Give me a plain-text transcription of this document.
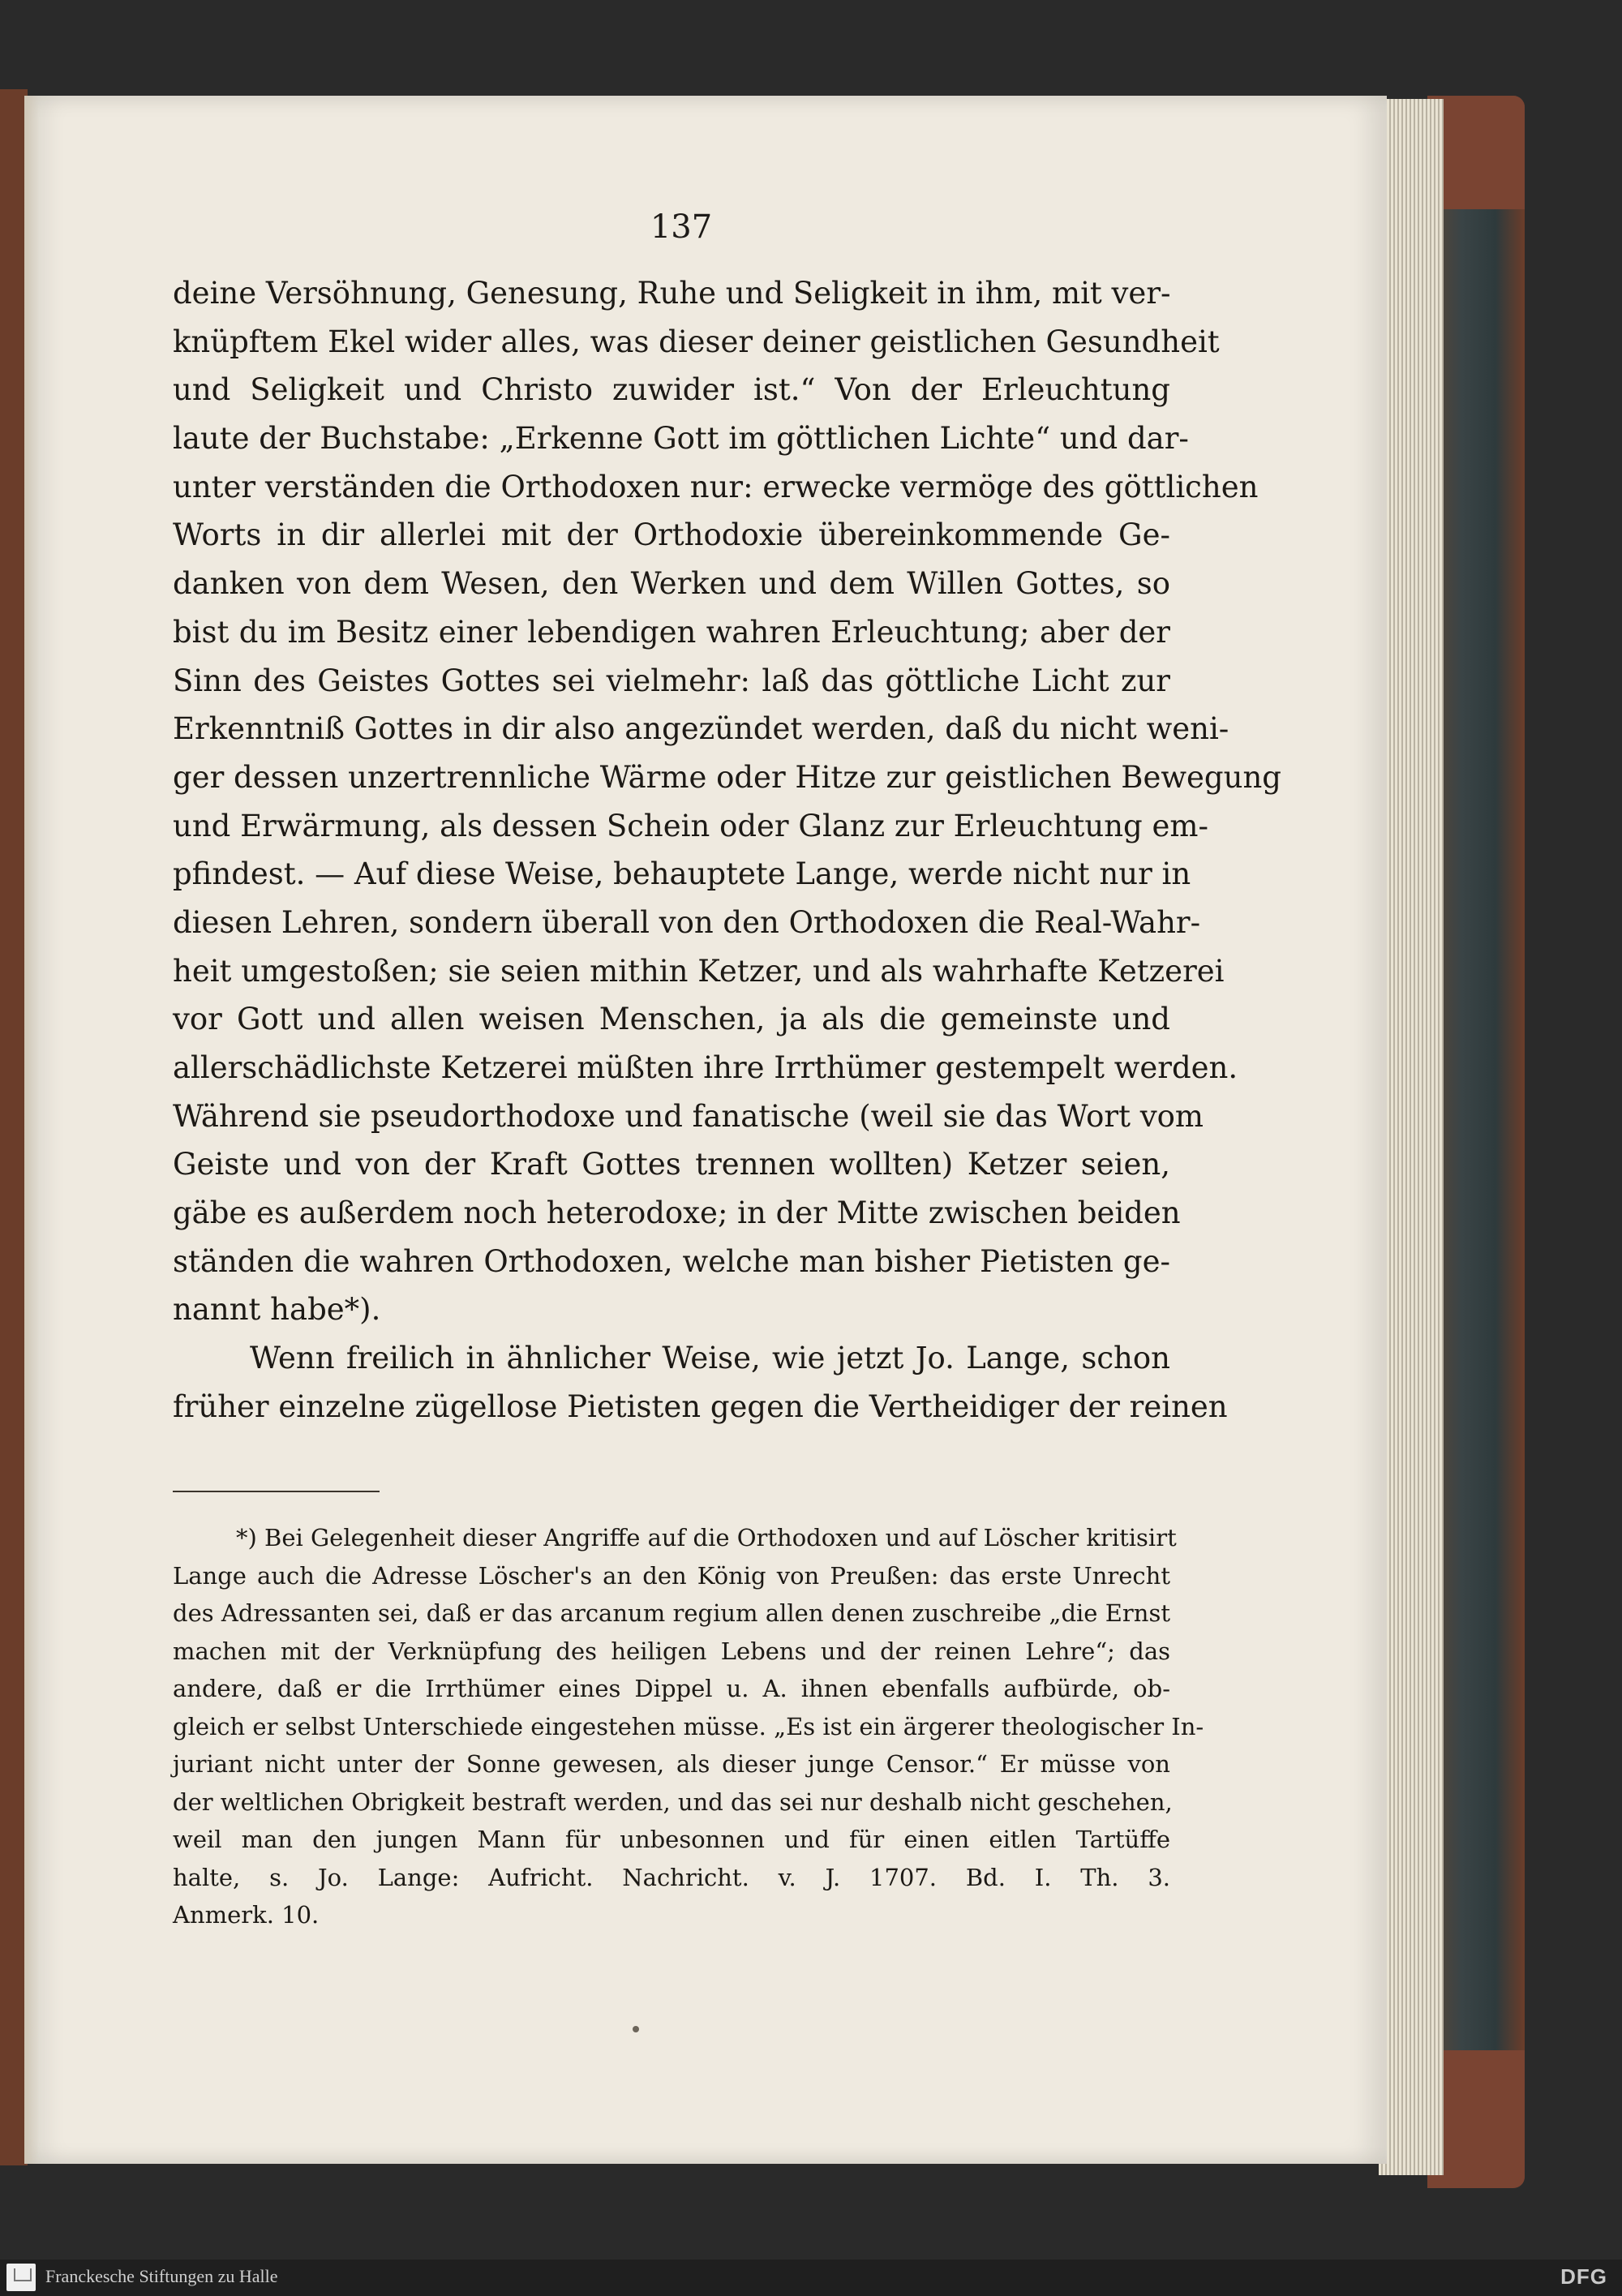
137
deine Versöhnung, Genesung, Ruhe und Seligkeit in ihm, mit ver-
knüpftem Ekel wider alles, was dieser deiner geistlichen Gesundheit
und Seligkeit und Christo zuwider ist.“ Von der Erleuchtung
laute der Buchstabe: „Erkenne Gott im göttlichen Lichte“ und dar-
unter verständen die Orthodoxen nur: erwecke vermöge des göttlichen
Worts in dir allerlei mit der Orthodoxie übereinkommende Ge-
danken von dem Wesen, den Werken und dem Willen Gottes, so
bist du im Besitz einer lebendigen wahren Erleuchtung; aber der
Sinn des Geistes Gottes sei vielmehr: laß das göttliche Licht zur
Erkenntniß Gottes in dir also angezündet werden, daß du nicht weni-
ger dessen unzertrennliche Wärme oder Hitze zur geistlichen Bewegung
und Erwärmung, als dessen Schein oder Glanz zur Erleuchtung em-
pfindest. — Auf diese Weise, behauptete Lange, werde nicht nur in
diesen Lehren, sondern überall von den Orthodoxen die Real-Wahr-
heit umgestoßen; sie seien mithin Ketzer, und als wahrhafte Ketzerei
vor Gott und allen weisen Menschen, ja als die gemeinste und
allerschädlichste Ketzerei müßten ihre Irrthümer gestempelt werden.
Während sie pseudorthodoxe und fanatische (weil sie das Wort vom
Geiste und von der Kraft Gottes trennen wollten) Ketzer seien,
gäbe es außerdem noch heterodoxe; in der Mitte zwischen beiden
ständen die wahren Orthodoxen, welche man bisher Pietisten ge-
nannt habe*).
Wenn freilich in ähnlicher Weise, wie jetzt Jo. Lange, schon
früher einzelne zügellose Pietisten gegen die Vertheidiger der reinen
*) Bei Gelegenheit dieser Angriffe auf die Orthodoxen und auf Löscher kritisirt
Lange auch die Adresse Löscher's an den König von Preußen: das erste Unrecht
des Adressanten sei, daß er das arcanum regium allen denen zuschreibe „die Ernst
machen mit der Verknüpfung des heiligen Lebens und der reinen Lehre“; das
andere, daß er die Irrthümer eines Dippel u. A. ihnen ebenfalls aufbürde, ob-
gleich er selbst Unterschiede eingestehen müsse. „Es ist ein ärgerer theologischer In-
juriant nicht unter der Sonne gewesen, als dieser junge Censor.“ Er müsse von
der weltlichen Obrigkeit bestraft werden, und das sei nur deshalb nicht geschehen,
weil man den jungen Mann für unbesonnen und für einen eitlen Tartüffe
halte, s. Jo. Lange: Aufricht. Nachricht. v. J. 1707. Bd. I. Th. 3.
Anmerk. 10.
Franckesche Stiftungen zu Halle	DFG
